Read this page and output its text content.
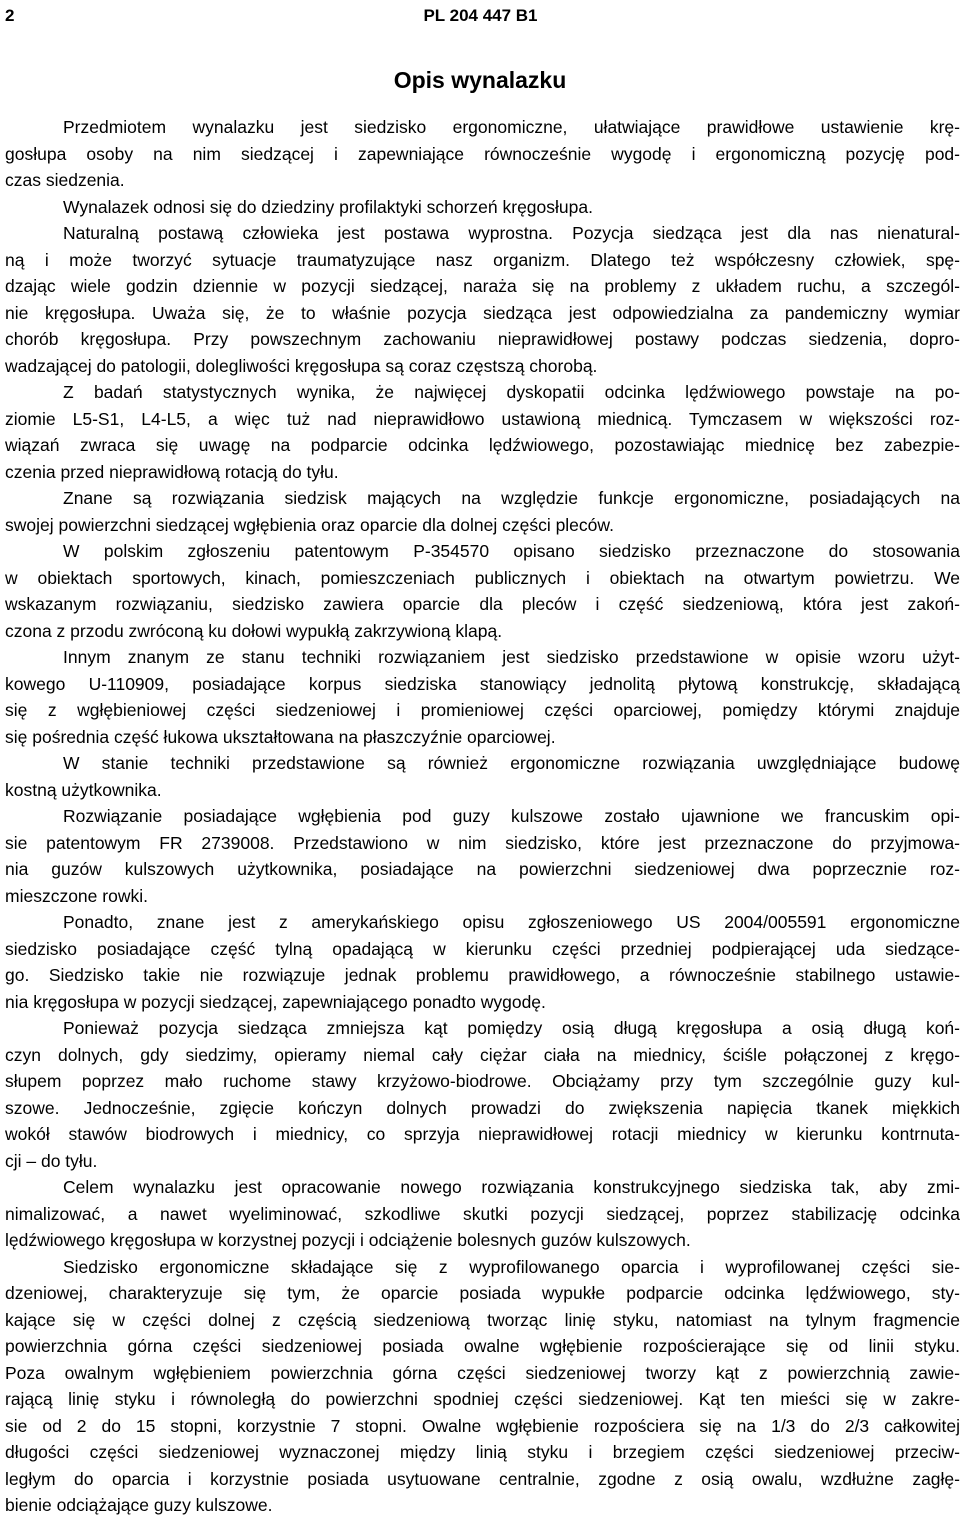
2	PL 204 447 B1
Opis wynalazku
Przedmiotem wynalazku jest siedzisko ergonomiczne, ułatwiające prawidłowe ustawienie krę-
gosłupa osoby na nim siedzącej i zapewniające równocześnie wygodę i ergonomiczną pozycję pod-
czas siedzenia.
Wynalazek odnosi się do dziedziny profilaktyki schorzeń kręgosłupa.
Naturalną postawą człowieka jest postawa wyprostna. Pozycja siedząca jest dla nas nienatural-
ną i może tworzyć sytuacje traumatyzujące nasz organizm. Dlatego też współczesny człowiek, spę-
dzając wiele godzin dziennie w pozycji siedzącej, naraża się na problemy z układem ruchu, a szczegól-
nie kręgosłupa. Uważa się, że to właśnie pozycja siedząca jest odpowiedzialna za pandemiczny wymiar
chorób kręgosłupa. Przy powszechnym zachowaniu nieprawidłowej postawy podczas siedzenia, dopro-
wadzającej do patologii, dolegliwości kręgosłupa są coraz częstszą chorobą.
Z badań statystycznych wynika, że najwięcej dyskopatii odcinka lędźwiowego powstaje na po-
ziomie L5-S1, L4-L5, a więc tuż nad nieprawidłowo ustawioną miednicą. Tymczasem w większości roz-
wiązań zwraca się uwagę na podparcie odcinka lędźwiowego, pozostawiając miednicę bez zabezpie-
czenia przed nieprawidłową rotacją do tyłu.
Znane są rozwiązania siedzisk mających na względzie funkcje ergonomiczne, posiadających na
swojej powierzchni siedzącej wgłębienia oraz oparcie dla dolnej części pleców.
W polskim zgłoszeniu patentowym P-354570 opisano siedzisko przeznaczone do stosowania
w obiektach sportowych, kinach, pomieszczeniach publicznych i obiektach na otwartym powietrzu. We
wskazanym rozwiązaniu, siedzisko zawiera oparcie dla pleców i część siedzeniową, która jest zakoń-
czona z przodu zwróconą ku dołowi wypukłą zakrzywioną klapą.
Innym znanym ze stanu techniki rozwiązaniem jest siedzisko przedstawione w opisie wzoru użyt-
kowego U-110909, posiadające korpus siedziska stanowiący jednolitą płytową konstrukcję, składającą
się z wgłębieniowej części siedzeniowej i promieniowej części oparciowej, pomiędzy którymi znajduje
się pośrednia część łukowa ukształtowana na płaszczyźnie oparciowej.
W stanie techniki przedstawione są również ergonomiczne rozwiązania uwzględniające budowę
kostną użytkownika.
Rozwiązanie posiadające wgłębienia pod guzy kulszowe zostało ujawnione we francuskim opi-
sie patentowym FR 2739008. Przedstawiono w nim siedzisko, które jest przeznaczone do przyjmowa-
nia guzów kulszowych użytkownika, posiadające na powierzchni siedzeniowej dwa poprzecznie roz-
mieszczone rowki.
Ponadto, znane jest z amerykańskiego opisu zgłoszeniowego US 2004/005591 ergonomiczne
siedzisko posiadające część tylną opadającą w kierunku części przedniej podpierającej uda siedzące-
go. Siedzisko takie nie rozwiązuje jednak problemu prawidłowego, a równocześnie stabilnego ustawie-
nia kręgosłupa w pozycji siedzącej, zapewniającego ponadto wygodę.
Ponieważ pozycja siedząca zmniejsza kąt pomiędzy osią długą kręgosłupa a osią długą koń-
czyn dolnych, gdy siedzimy, opieramy niemal cały ciężar ciała na miednicy, ściśle połączonej z kręgo-
słupem poprzez mało ruchome stawy krzyżowo-biodrowe. Obciążamy przy tym szczególnie guzy kul-
szowe. Jednocześnie, zgięcie kończyn dolnych prowadzi do zwiększenia napięcia tkanek miękkich
wokół stawów biodrowych i miednicy, co sprzyja nieprawidłowej rotacji miednicy w kierunku kontrnuta-
cji – do tyłu.
Celem wynalazku jest opracowanie nowego rozwiązania konstrukcyjnego siedziska tak, aby zmi-
nimalizować, a nawet wyeliminować, szkodliwe skutki pozycji siedzącej, poprzez stabilizację odcinka
lędźwiowego kręgosłupa w korzystnej pozycji i odciążenie bolesnych guzów kulszowych.
Siedzisko ergonomiczne składające się z wyprofilowanego oparcia i wyprofilowanej części sie-
dzeniowej, charakteryzuje się tym, że oparcie posiada wypukłe podparcie odcinka lędźwiowego, sty-
kające się w części dolnej z częścią siedzeniową tworząc linię styku, natomiast na tylnym fragmencie
powierzchnia górna części siedzeniowej posiada owalne wgłębienie rozpościerające się od linii styku.
Poza owalnym wgłębieniem powierzchnia górna części siedzeniowej tworzy kąt z powierzchnią zawie-
rającą linię styku i równoległą do powierzchni spodniej części siedzeniowej. Kąt ten mieści się w zakre-
sie od 2 do 15 stopni, korzystnie 7 stopni. Owalne wgłębienie rozpościera się na 1/3 do 2/3 całkowitej
długości części siedzeniowej wyznaczonej między linią styku i brzegiem części siedzeniowej przeciw-
ległym do oparcia i korzystnie posiada usytuowane centralnie, zgodne z osią owalu, wzdłużne zagłę-
bienie odciążające guzy kulszowe.
